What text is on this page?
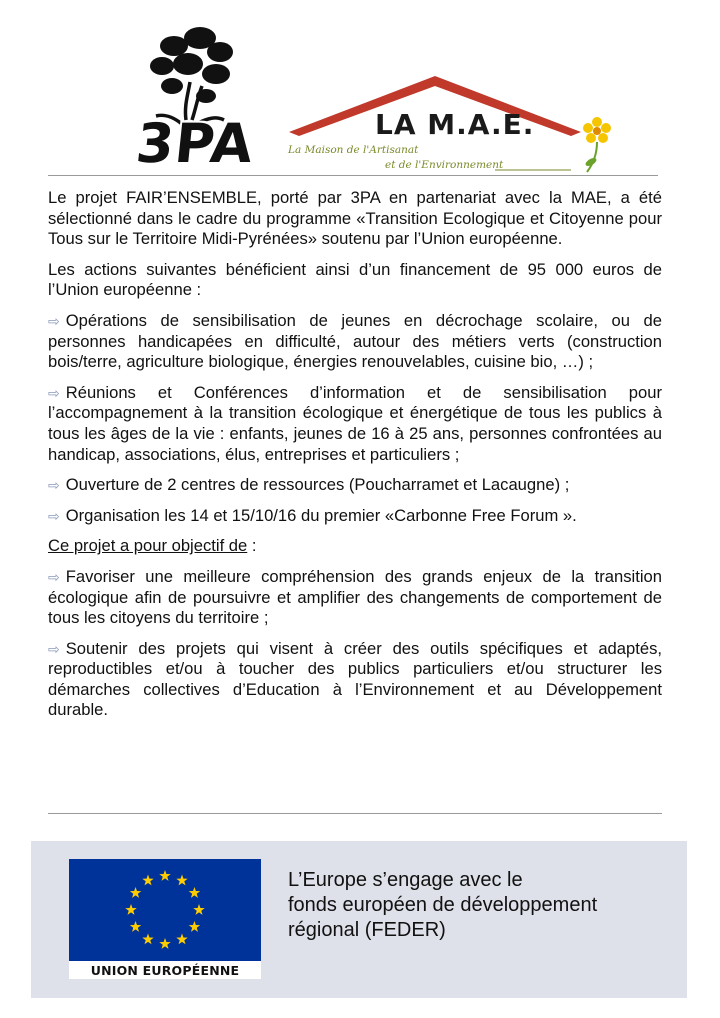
3PA	LA M.A.E.
La Maison de l'Artisanat
et de l'Environnement

Le projet FAIR’ENSEMBLE, porté par 3PA en partenariat avec la MAE, a été sélectionné dans le cadre du programme «Transition Ecologique et Citoyenne pour Tous sur le Territoire Midi-Pyrénées» soutenu par l’Union européenne.

Les actions suivantes bénéficient ainsi d’un financement de 95 000 euros de l’Union européenne :

⇨ Opérations de sensibilisation de jeunes en décrochage scolaire, ou de personnes handicapées en difficulté, autour des métiers verts (construction bois/terre, agriculture biologique, énergies renouvelables, cuisine bio, …) ;

⇨ Réunions et Conférences d’information et de sensibilisation pour l’accompagnement à la transition écologique et énergétique de tous les publics à tous les âges de la vie : enfants, jeunes de 16 à 25 ans, personnes confrontées au handicap, associations, élus, entreprises et particuliers ;

⇨ Ouverture de 2 centres de ressources (Poucharramet et Lacaugne) ;

⇨ Organisation les 14 et 15/10/16 du premier «Carbonne Free Forum ».

Ce projet a pour objectif de :

⇨ Favoriser une meilleure compréhension des grands enjeux de la transition écologique afin de poursuivre et amplifier des changements de comportement de tous les citoyens du territoire ;

⇨ Soutenir des projets qui visent à créer des outils spécifiques et adaptés, reproductibles et/ou à toucher des publics particuliers et/ou structurer les démarches collectives d’Education à l’Environnement et au Développement durable.

UNION EUROPÉENNE
L’Europe s’engage avec le
fonds européen de développement
régional (FEDER)
